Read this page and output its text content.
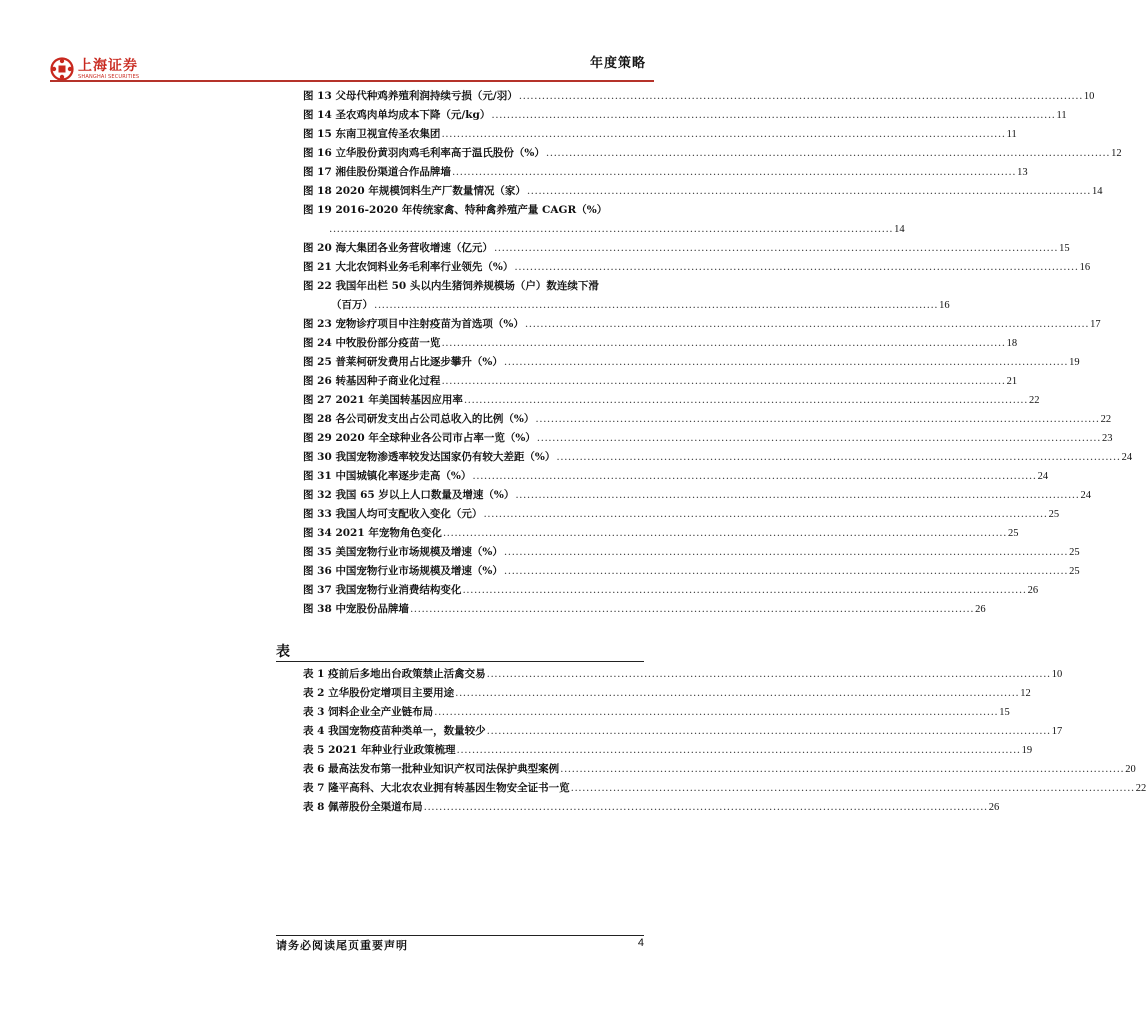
上海证券
SHANGHAI SECURITIES
年度策略
图 13
父母代种鸡养殖利润持续亏损（元/羽） .....	10
图 14
圣农鸡肉单均成本下降（元/kg） .....	11
图 15
东南卫视宣传圣农集团 .....	11
图 16
立华股份黄羽肉鸡毛利率高于温氏股份（%） .....	12
图 17
湘佳股份渠道合作品牌墙 .....	13
图 18
2020 年规模饲料生产厂数量情况（家） .....	14
图 19
2016-2020 年传统家禽、特种禽养殖产量 CAGR（%）
.....
14
图 20
海大集团各业务营收增速（亿元） .....	15
图 21
大北农饲料业务毛利率行业领先（%） .....	16
图 22
我国年出栏 50 头以内生猪饲养规模场（户）数连续下滑
（百万） .....	16
图 23
宠物诊疗项目中注射疫苗为首选项（%） .....	17
图 24
中牧股份部分疫苗一览 .....	18
图 25
普莱柯研发费用占比逐步攀升（%） .....	19
图 26
转基因种子商业化过程 .....	21
图 27
2021 年美国转基因应用率 .....	22
图 28
各公司研发支出占公司总收入的比例（%） .....	22
图 29
2020 年全球种业各公司市占率一览（%） .....	23
图 30
我国宠物渗透率较发达国家仍有较大差距（%） .....	24
图 31
中国城镇化率逐步走高（%） .....	24
图 32
我国 65 岁以上人口数量及增速（%） .....	24
图 33
我国人均可支配收入变化（元） .....	25
图 34
2021 年宠物角色变化 .....	25
图 35
美国宠物行业市场规模及增速（%） .....	25
图 36
中国宠物行业市场规模及增速（%） .....	25
图 37
我国宠物行业消费结构变化 .....	26
图 38
中宠股份品牌墙 .....	26
表
表 1
疫前后多地出台政策禁止活禽交易 .....	10
表 2
立华股份定增项目主要用途 .....	12
表 3
饲料企业全产业链布局 .....	15
表 4
我国宠物疫苗种类单一，数量较少 .....	17
表 5
2021 年种业行业政策梳理 .....	19
表 6
最高法发布第一批种业知识产权司法保护典型案例 .....	20
表 7
隆平高科、大北农农业拥有转基因生物安全证书一览 .....	22
表 8
佩蒂股份全渠道布局 .....	26
请务必阅读尾页重要声明	4
